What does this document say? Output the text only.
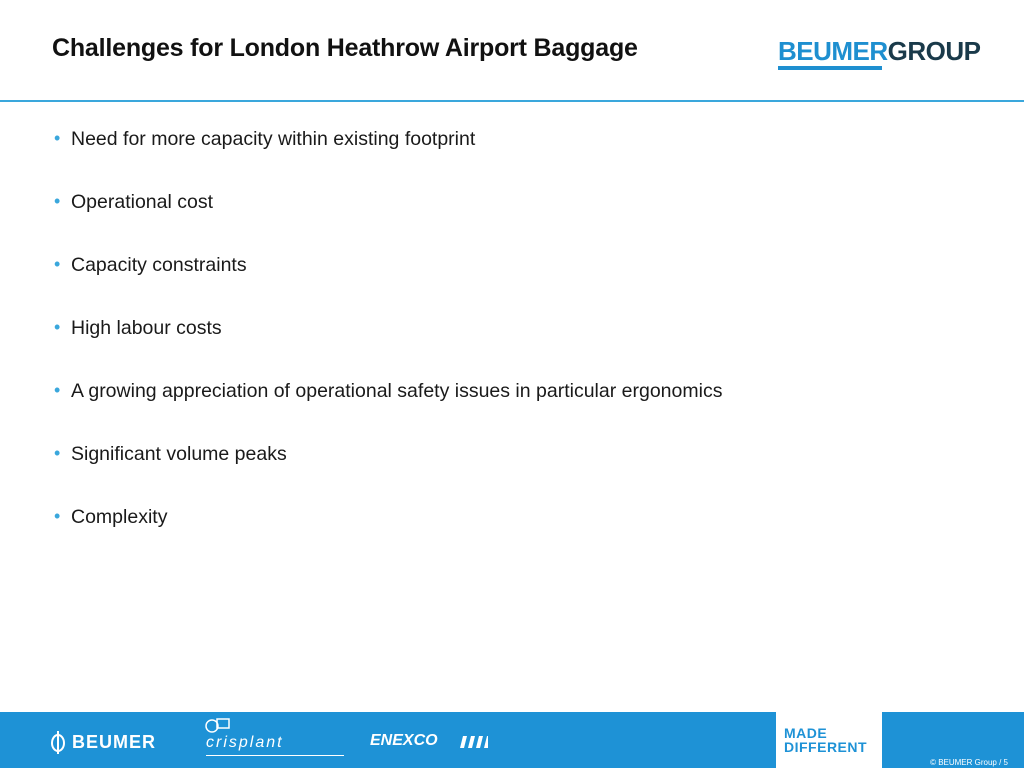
Challenges for London Heathrow Airport Baggage	BEUMERGROUP
• Need for more capacity within existing footprint
• Operational cost
• Capacity constraints
• High labour costs
• A growing appreciation of operational safety issues in particular ergonomics
• Significant volume peaks
• Complexity
BEUMER	crisplant	ENEXCO	MADE
DIFFERENT
© BEUMER Group / 5
